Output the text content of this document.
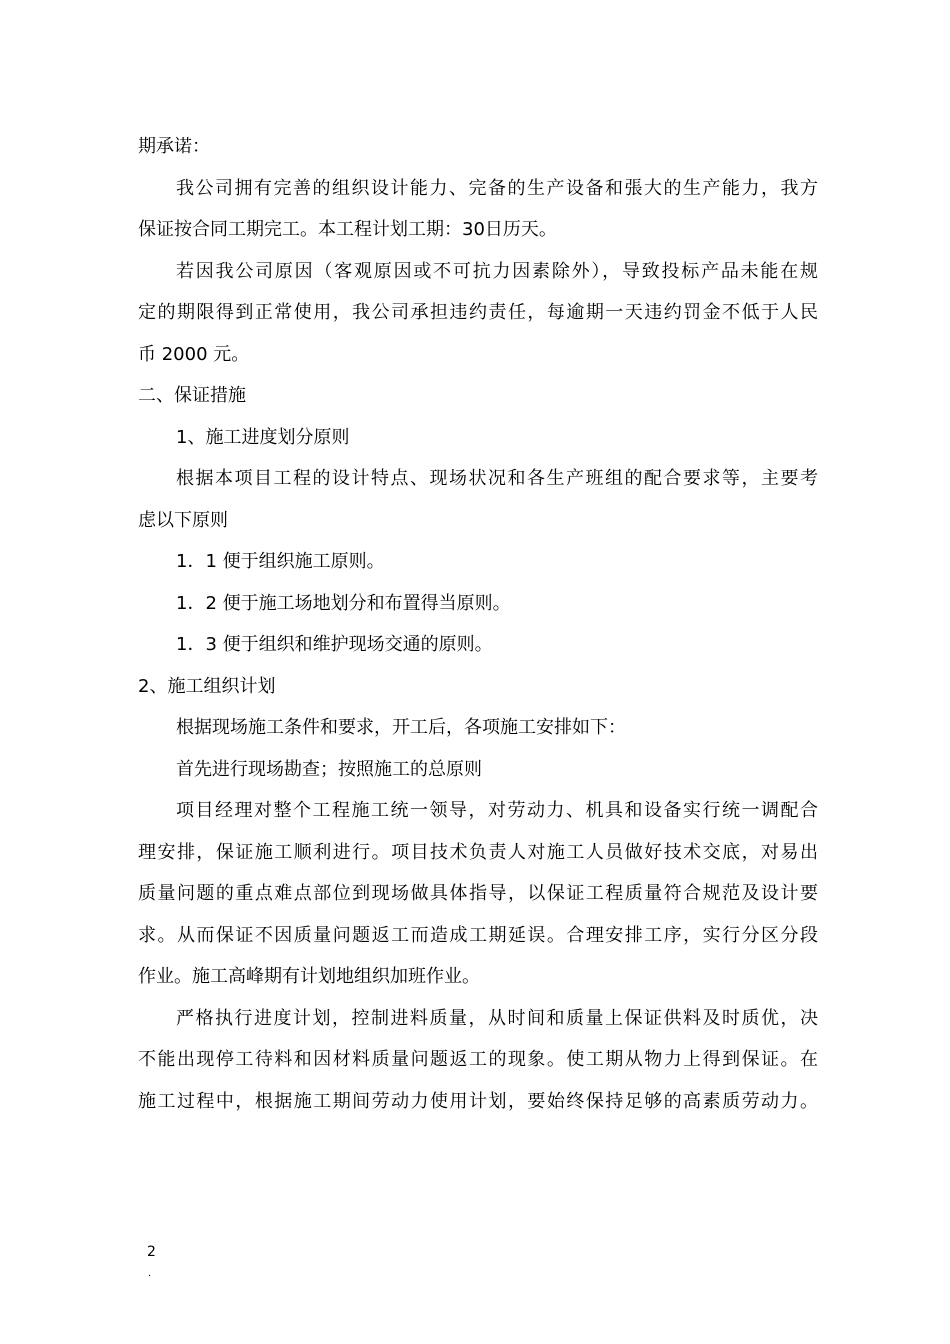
期承诺：
我公司拥有完善的组织设计能力、完备的生产设备和張大的生产能力，我方
保证按合同工期完工。本工程计划工期：30日历天。
若因我公司原因（客观原因或不可抗力因素除外），导致投标产品未能在规
定的期限得到正常使用，我公司承担违约责任，每逾期一天违约罚金不低于人民
币 2000 元。
二、保证措施
1、施工进度划分原则
根据本项目工程的设计特点、现场状况和各生产班组的配合要求等，主要考
虑以下原则
1．1 便于组织施工原则。
1．2 便于施工场地划分和布置得当原则。
1．3 便于组织和维护现场交通的原则。
2、施工组织计划
根据现场施工条件和要求，开工后，各项施工安排如下：
首先进行现场勘查；按照施工的总原则
项目经理对整个工程施工统一领导，对劳动力、机具和设备实行统一调配合
理安排，保证施工顺利进行。项目技术负责人对施工人员做好技术交底，对易出
质量问题的重点难点部位到现场做具体指导，以保证工程质量符合规范及设计要
求。从而保证不因质量问题返工而造成工期延误。合理安排工序，实行分区分段
作业。施工高峰期有计划地组织加班作业。
严格执行进度计划，控制进料质量，从时间和质量上保证供料及时质优，决
不能出现停工待料和因材料质量问题返工的现象。使工期从物力上得到保证。在
施工过程中，根据施工期间劳动力使用计划，要始终保持足够的高素质劳动力。
2
.
